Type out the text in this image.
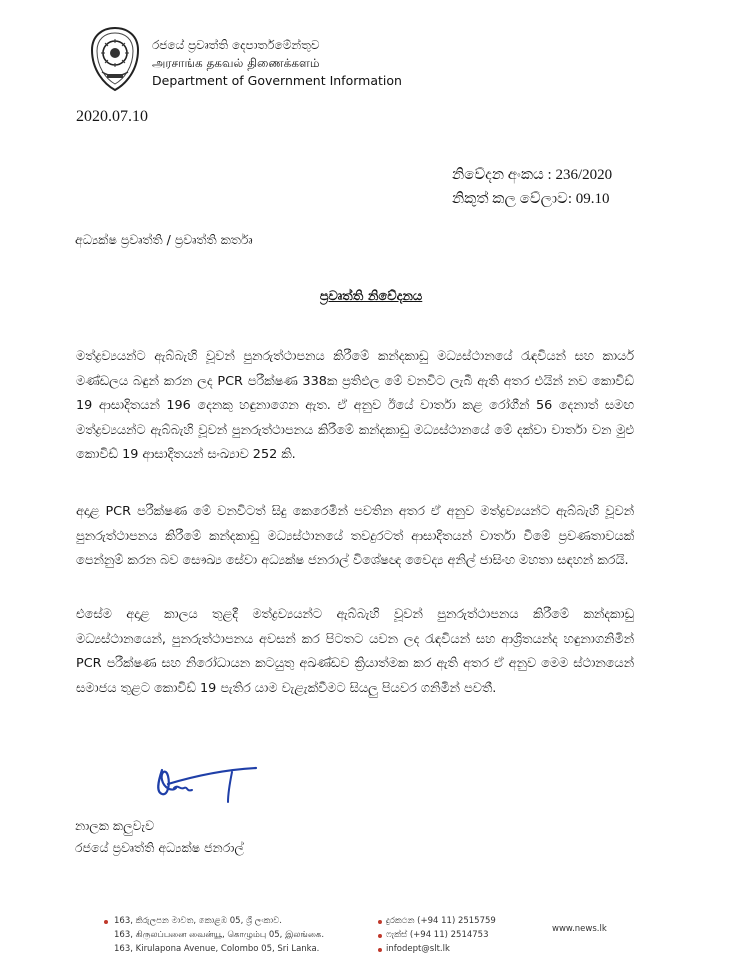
රජයේ ප්‍රවෘත්ති දෙපාර්තමේන්තුව
அரசாங்க தகவல் திணைக்களம்
Department of Government Information
2020.07.10
නිවේදන අංකය : 236/2020
නිකුත් කල වේලාව: 09.10
අධ්‍යක්ෂ ප්‍රවෘත්ති / ප්‍රවෘත්ති කර්තෘ
ප්‍රවෘත්ති නිවේදනය
මත්ද්‍රව්‍යයන්ට ඇබ්බැහි වූවන් පුනරුත්ථාපනය කිරීමේ කන්දකාඩු මධ්‍යස්ථානයේ රැඳවියන් සහ කාර්ය මණ්ඩලය බඳුන් කරන ලද PCR පරීක්ෂණ 338ක ප්‍රතිඵල මේ වනවිට ලැබී ඇති අතර එයින් නව කොවිඩ් 19 ආසාදිතයන් 196 දෙනකු හඳුනාගෙන ඇත. ඒ අනුව ඊයේ වාර්තා කළ රෝගීන් 56 දෙනාත් සමඟ මත්ද්‍රව්‍යයන්ට ඇබ්බැහි වූවන් පුනරුත්ථාපනය කිරීමේ කන්දකාඩු මධ්‍යස්ථානයේ මේ දක්වා වාර්තා වන මුළු කොවිඩ් 19 ආසාදිතයන් සංඛ්‍යාව 252 කි.
අදාළ PCR පරීක්ෂණ මේ වනවිටත් සිදු කෙරෙමින් පවතින අතර ඒ අනුව මත්ද්‍රව්‍යයන්ට ඇබ්බැහි වූවන් පුනරුත්ථාපනය කිරීමේ කන්දකාඩු මධ්‍යස්ථානයේ තවදුරටත් ආසාදිතයන් වාර්තා වීමේ ප්‍රවණතාවයක් පෙන්නුම් කරන බව සෞඛ්‍ය සේවා අධ්‍යක්ෂ ජනරාල් විශේෂඥ වෛද්‍ය අනිල් ජාසිංහ මහතා සඳහන් කරයි.
එසේම අදාළ කාලය තුළදී මත්ද්‍රව්‍යයන්ට ඇබ්බැහි වූවන් පුනරුත්ථාපනය කිරීමේ කන්දකාඩු මධ්‍යස්ථානයෙන්, පුනරුත්ථාපනය අවසන් කර පිටතට යවන ලද රැඳවියන් සහ ආශ්‍රිතයන්ද හඳුනාගනිමින් PCR පරීක්ෂණ සහ නිරෝධායන කටයුතු අඛණ්ඩව ක්‍රියාත්මක කර ඇති අතර ඒ අනුව මෙම ස්ථානයෙන් සමාජය තුළට කොවිඩ් 19 පැතිර යාම වැළැක්වීමට සියලු පියවර ගනිමින් පවතී.
නාලක කලුවැව
රජයේ ප්‍රවෘත්ති අධ්‍යක්ෂ ජනරාල්
163, කිරුලපන මාවත, කොළඹ 05, ශ්‍රී ලංකාව.
163, கிருலப்பனை வைன்யூ, கொழும்பு 05, இலங்கை.
163, Kirulapona Avenue, Colombo 05, Sri Lanka.
දුරකථන (+94 11) 2515759
ෆැක්ස් (+94 11) 2514753
infodept@slt.lk
www.news.lk
